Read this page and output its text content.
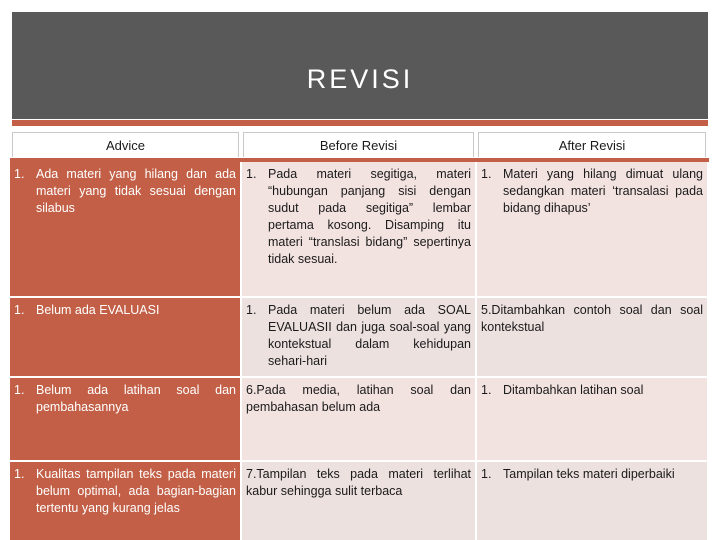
REVISI
Advice	Before Revisi	After Revisi

1. Ada materi yang hilang dan ada materi yang tidak sesuai dengan silabus	1. Pada materi segitiga, materi “hubungan panjang sisi dengan sudut pada segitiga” lembar pertama kosong. Disamping itu materi “translasi bidang” sepertinya tidak sesuai.	1. Materi yang hilang dimuat ulang sedangkan materi ‘transalasi pada bidang dihapus’

1. Belum ada EVALUASI	1. Pada materi belum ada SOAL EVALUASII dan juga soal-soal yang kontekstual dalam kehidupan sehari-hari	5.Ditambahkan contoh soal dan soal kontekstual

1. Belum ada latihan soal dan pembahasannya	6.Pada media, latihan soal dan pembahasan belum ada	1. Ditambahkan latihan soal

1. Kualitas tampilan teks pada materi belum optimal, ada bagian-bagian tertentu yang kurang jelas	7.Tampilan teks pada materi terlihat kabur sehingga sulit terbaca	1. Tampilan teks materi diperbaiki
